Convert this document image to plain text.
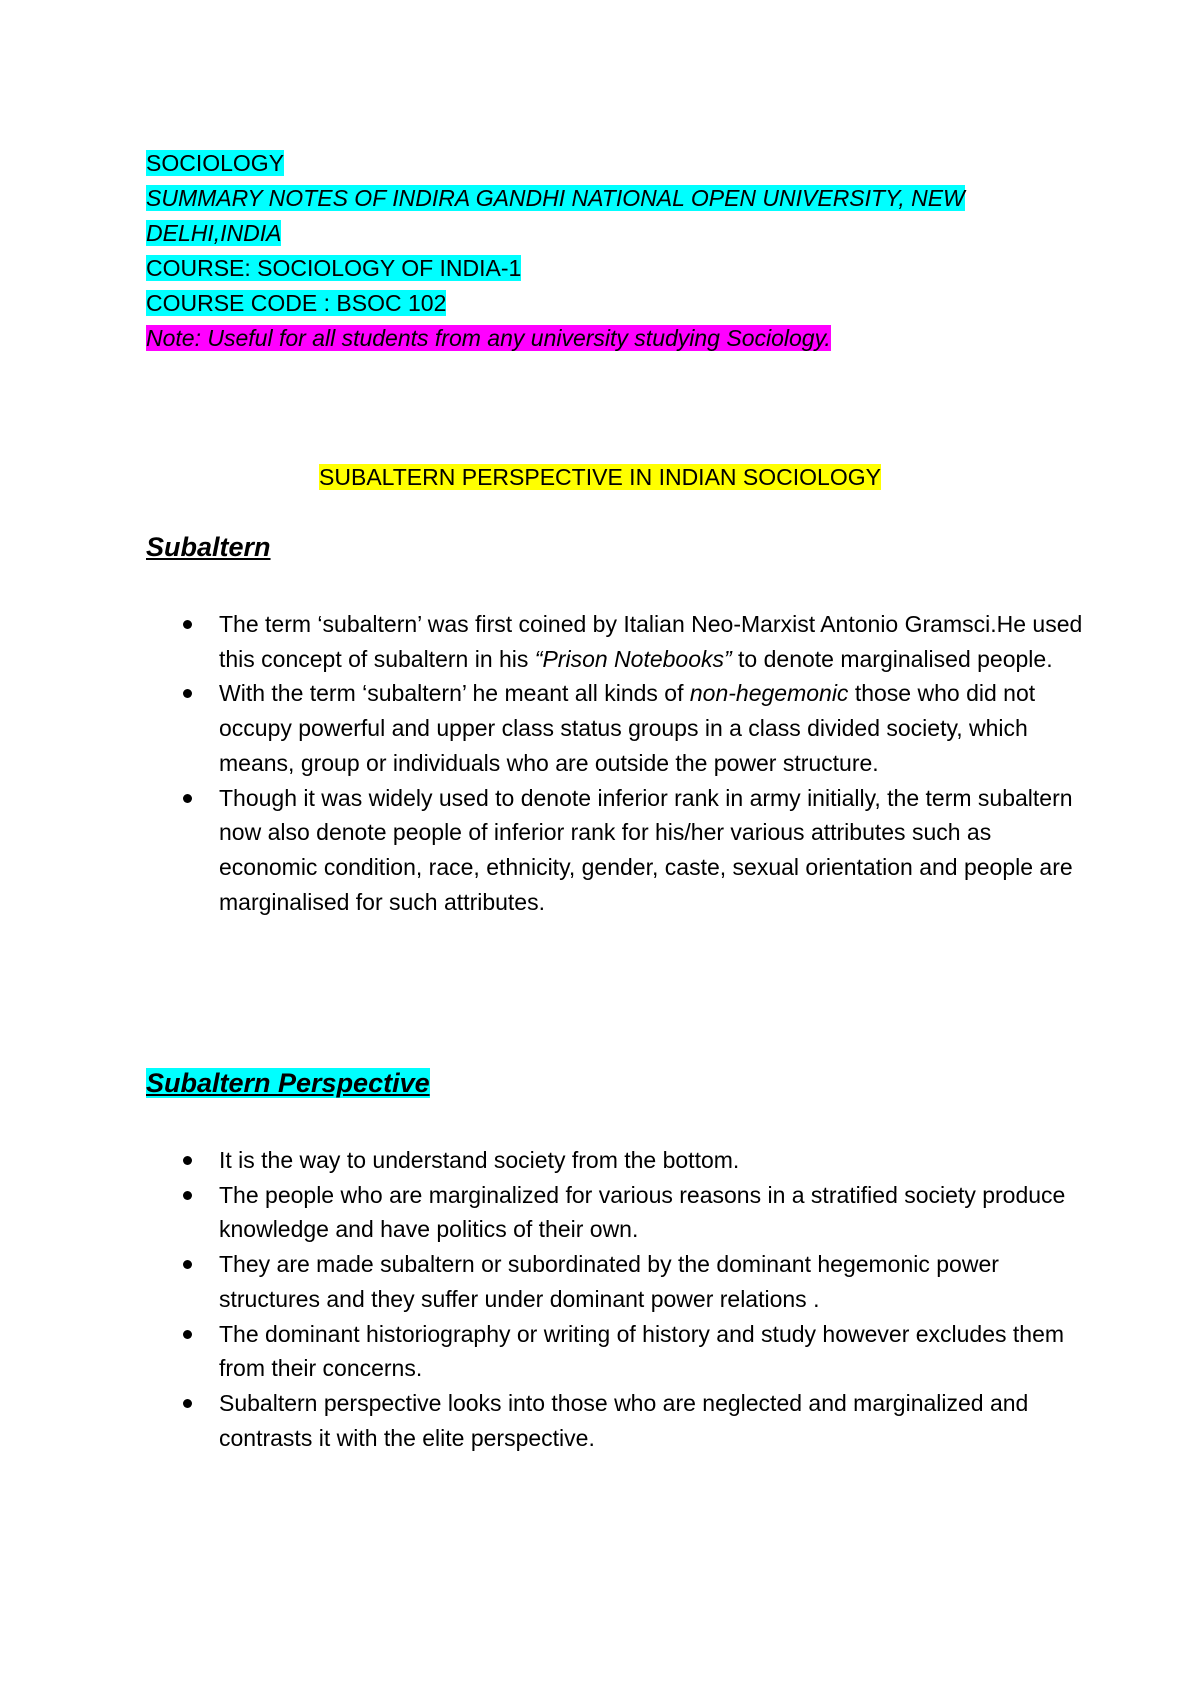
SOCIOLOGY
SUMMARY NOTES OF INDIRA GANDHI NATIONAL OPEN UNIVERSITY, NEW
DELHI,INDIA
COURSE: SOCIOLOGY OF INDIA-1
COURSE CODE : BSOC 102
Note: Useful for all students from any university studying Sociology.
SUBALTERN PERSPECTIVE IN INDIAN SOCIOLOGY
Subaltern
The term ‘subaltern’ was first coined by Italian Neo-Marxist Antonio Gramsci.He used this concept of subaltern in his “Prison Notebooks” to denote marginalised people.
With the term ‘subaltern’ he meant all kinds of non-hegemonic those who did not occupy powerful and upper class status groups in a class divided society, which means, group or individuals who are outside the power structure.
Though it was widely used to denote inferior rank in army initially, the term subaltern now also denote people of inferior rank for his/her various attributes such as economic condition, race, ethnicity, gender, caste, sexual orientation and people are marginalised for such attributes.
Subaltern Perspective
It is the way to understand society from the bottom.
The people who are marginalized for various reasons in a stratified society produce knowledge and have politics of their own.
They are made subaltern or subordinated by the dominant hegemonic power structures and they suffer under dominant power relations .
The dominant historiography or writing of history and study however excludes them from their concerns.
Subaltern perspective looks into those who are neglected and marginalized and contrasts it with the elite perspective.
